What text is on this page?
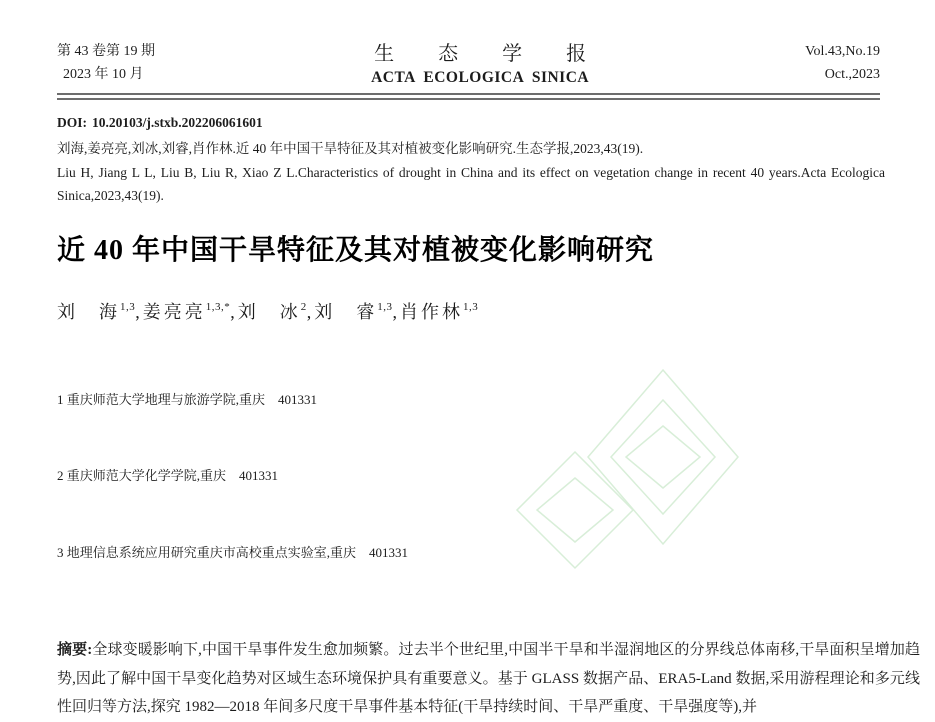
第 43 卷第 19 期
2023 年 10 月
生态学报
ACTA ECOLOGICA SINICA
Vol.43,No.19
Oct.,2023
DOI: 10.20103/j.stxb.202206061601

刘海,姜亮亮,刘冰,刘睿,肖作林.近 40 年中国干旱特征及其对植被变化影响研究.生态学报,2023,43(19).

Liu H, Jiang L L, Liu B, Liu R, Xiao Z L.Characteristics of drought in China and its effect on vegetation change in recent 40 years.Acta Ecologica Sinica,2023,43(19).

近 40 年中国干旱特征及其对植被变化影响研究
刘　海$^{1,3}$,姜亮亮$^{1,3,*}$,刘　冰$^2$,刘　睿$^{1,3}$,肖作林$^{1,3}$

1 重庆师范大学地理与旅游学院,重庆　401331

2 重庆师范大学化学学院,重庆　401331

3 地理信息系统应用研究重庆市高校重点实验室,重庆　401331

摘要:全球变暖影响下,中国干旱事件发生愈加频繁。过去半个世纪里,中国半干旱和半湿润地区的分界线总体南移,干旱面积呈增加趋势,因此了解中国干旱变化趋势对区域生态环境保护具有重要意义。基于 GLASS 数据产品、ERA5-Land 数据,采用游程理论和多元线性回归等方法,探究 1982—2018 年间多尺度干旱事件基本特征(干旱持续时间、干旱严重度、干旱强度等),并
